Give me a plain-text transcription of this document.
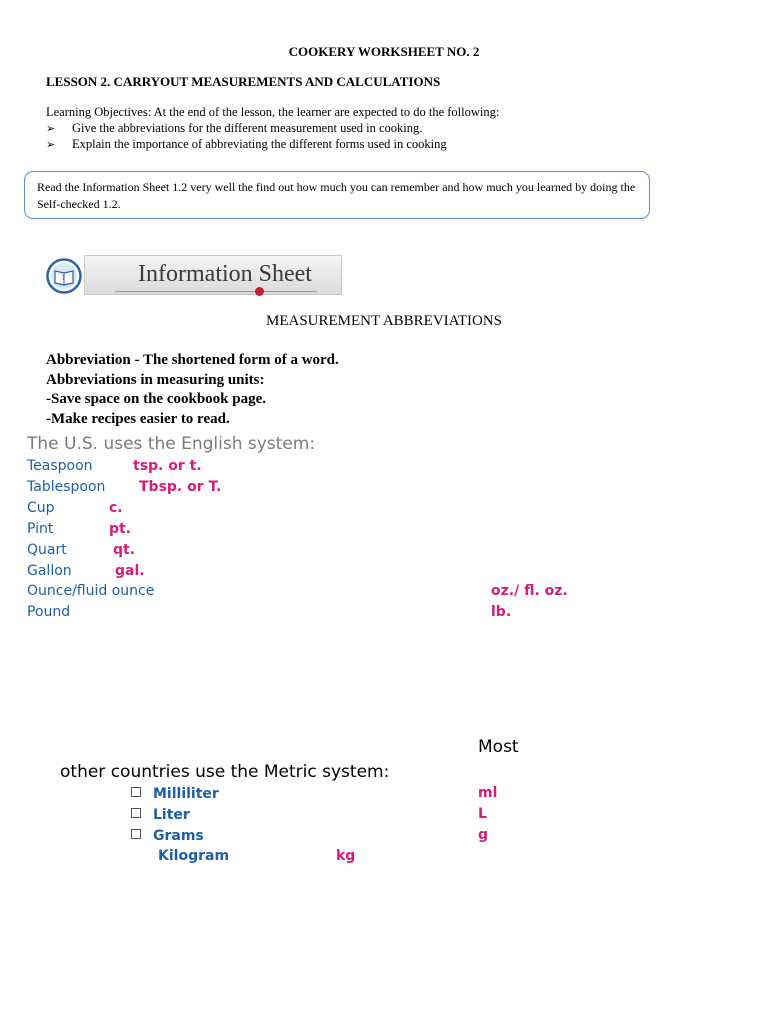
COOKERY WORKSHEET NO. 2
LESSON 2. CARRYOUT MEASUREMENTS AND CALCULATIONS
Learning Objectives: At the end of the lesson, the learner are expected to do the following:
➢ Give the abbreviations for the different measurement used in cooking.
➢ Explain the importance of abbreviating the different forms used in cooking
Read the Information Sheet 1.2 very well the find out how much you can remember and how much you learned by doing the Self-checked 1.2.
?	Information Sheet
MEASUREMENT ABBREVIATIONS
Abbreviation - The shortened form of a word.
Abbreviations in measuring units:
-Save space on the cookbook page.
-Make recipes easier to read.
The U.S. uses the English system:
Teaspoon	tsp. or t.
Tablespoon Tbsp. or T.
Cup	c.
Pint	pt.
Quart	qt.
Gallon	gal.
Ounce/fluid ounce	oz./ fl. oz.
Pound	lb.
Most
other countries use the Metric system:
Milliliter	ml
Liter	L
Grams	g
Kilogram	kg
